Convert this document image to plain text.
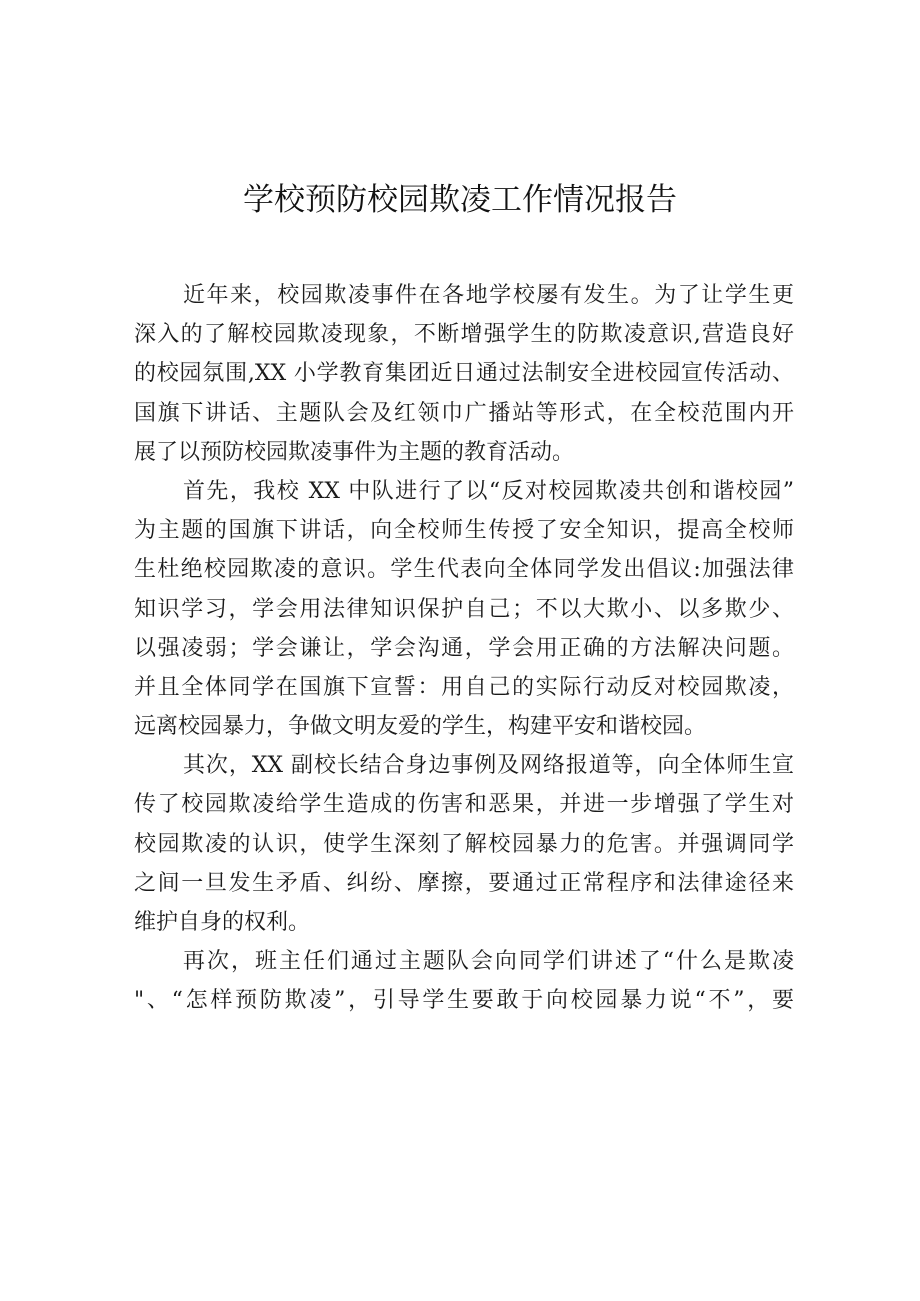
学校预防校园欺凌工作情况报告
近年来，校园欺凌事件在各地学校屡有发生。为了让学生更
深入的了解校园欺凌现象，不断增强学生的防欺凌意识,营造良好
的校园氛围,XX 小学教育集团近日通过法制安全进校园宣传活动、
国旗下讲话、主题队会及红领巾广播站等形式，在全校范围内开
展了以预防校园欺凌事件为主题的教育活动。
首先，我校 XX 中队进行了以“反对校园欺凌共创和谐校园”
为主题的国旗下讲话，向全校师生传授了安全知识，提高全校师
生杜绝校园欺凌的意识。学生代表向全体同学发出倡议:加强法律
知识学习，学会用法律知识保护自己；不以大欺小、以多欺少、
以强凌弱；学会谦让，学会沟通，学会用正确的方法解决问题。
并且全体同学在国旗下宣誓：用自己的实际行动反对校园欺凌，
远离校园暴力，争做文明友爱的学生，构建平安和谐校园。
其次，XX 副校长结合身边事例及网络报道等，向全体师生宣
传了校园欺凌给学生造成的伤害和恶果，并进一步增强了学生对
校园欺凌的认识，使学生深刻了解校园暴力的危害。并强调同学
之间一旦发生矛盾、纠纷、摩擦，要通过正常程序和法律途径来
维护自身的权利。
再次，班主任们通过主题队会向同学们讲述了“什么是欺凌
"、“怎样预防欺凌”，引导学生要敢于向校园暴力说“不”，要
